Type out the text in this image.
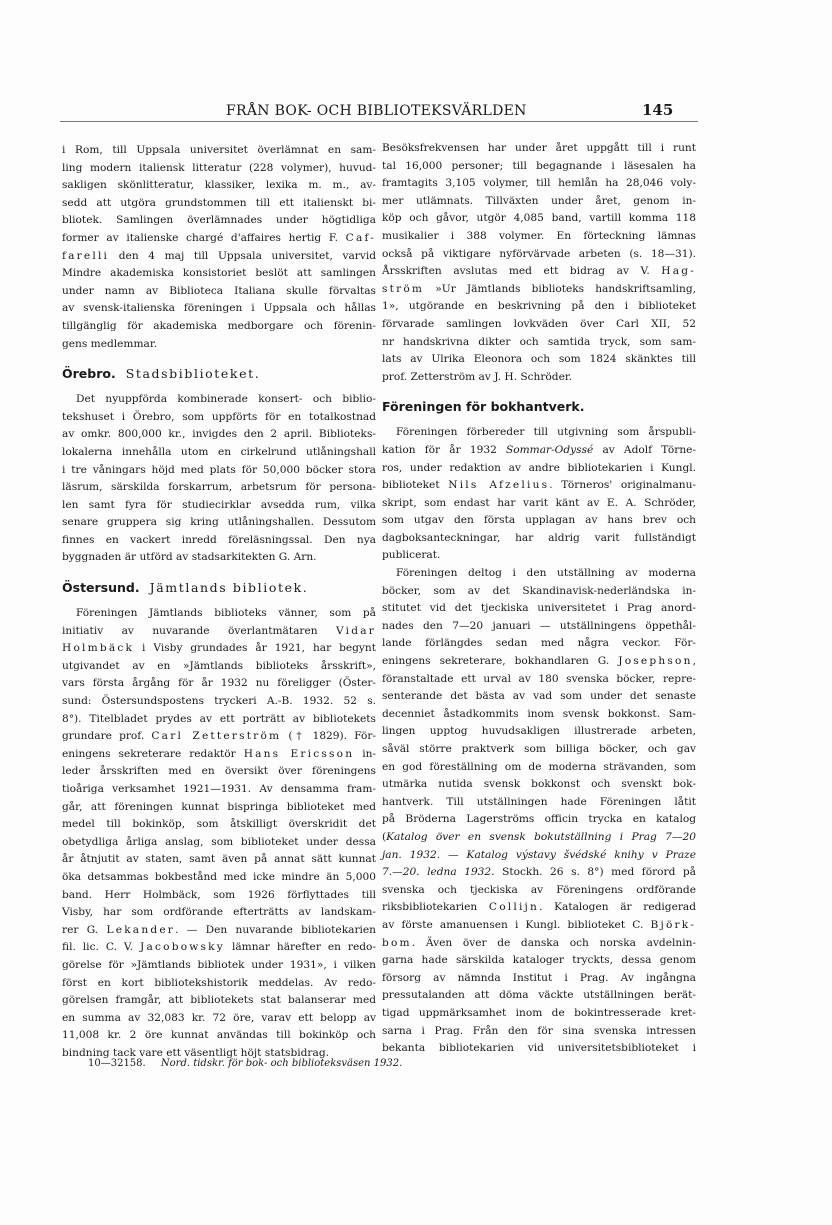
FRÅN BOK- OCH BIBLIOTEKSVÄRLDEN	145
i Rom, till Uppsala universitet överlämnat en sam-
ling modern italiensk litteratur (228 volymer), huvud-
sakligen skönlitteratur, klassiker, lexika m. m., av-
sedd att utgöra grundstommen till ett italienskt bi-
bliotek. Samlingen överlämnades under högtidliga
former av italienske chargé d'affaires hertig F. Caf-
farelli den 4 maj till Uppsala universitet, varvid
Mindre akademiska konsistoriet beslöt att samlingen
under namn av Biblioteca Italiana skulle förvaltas
av svensk-italienska föreningen i Uppsala och hållas
tillgänglig för akademiska medborgare och förenin-
gens medlemmar.
Örebro. Stadsbiblioteket.
Det nyuppförda kombinerade konsert- och biblio-
tekshuset i Örebro, som uppförts för en totalkostnad
av omkr. 800,000 kr., invigdes den 2 april. Biblioteks-
lokalerna innehålla utom en cirkelrund utlåningshall
i tre våningars höjd med plats för 50,000 böcker stora
läsrum, särskilda forskarrum, arbetsrum för persona-
len samt fyra för studiecirklar avsedda rum, vilka
senare gruppera sig kring utlåningshallen. Dessutom
finnes en vackert inredd föreläsningssal. Den nya
byggnaden är utförd av stadsarkitekten G. Arn.
Östersund. Jämtlands bibliotek.
Föreningen Jämtlands biblioteks vänner, som på
initiativ av nuvarande överlantmätaren Vidar
Holmbäck i Visby grundades år 1921, har begynt
utgivandet av en »Jämtlands biblioteks årsskrift»,
vars första årgång för år 1932 nu föreligger (Öster-
sund: Östersundspostens tryckeri A.-B. 1932. 52 s.
8°). Titelbladet prydes av ett porträtt av bibliotekets
grundare prof. Carl Zetterström († 1829). För-
eningens sekreterare redaktör Hans Ericsson in-
leder årsskriften med en översikt över föreningens
tioåriga verksamhet 1921—1931. Av densamma fram-
går, att föreningen kunnat bispringa biblioteket med
medel till bokinköp, som åtskilligt överskridit det
obetydliga årliga anslag, som biblioteket under dessa
år åtnjutit av staten, samt även på annat sätt kunnat
öka detsammas bokbestånd med icke mindre än 5,000
band. Herr Holmbäck, som 1926 förflyttades till
Visby, har som ordförande efterträtts av landskam-
rer G. Lekander. — Den nuvarande bibliotekarien
fil. lic. C. V. Jacobowsky lämnar härefter en redo-
görelse för »Jämtlands bibliotek under 1931», i vilken
först en kort bibliotekshistorik meddelas. Av redo-
görelsen framgår, att bibliotekets stat balanserar med
en summa av 32,083 kr. 72 öre, varav ett belopp av
11,008 kr. 2 öre kunnat användas till bokinköp och
bindning tack vare ett väsentligt höjt statsbidrag.
Besöksfrekvensen har under året uppgått till i runt
tal 16,000 personer; till begagnande i läsesalen ha
framtagits 3,105 volymer, till hemlån ha 28,046 voly-
mer utlämnats. Tillväxten under året, genom in-
köp och gåvor, utgör 4,085 band, vartill komma 118
musikalier i 388 volymer. En förteckning lämnas
också på viktigare nyförvärvade arbeten (s. 18—31).
Årsskriften avslutas med ett bidrag av V. Hag-
ström »Ur Jämtlands biblioteks handskriftsamling,
1», utgörande en beskrivning på den i biblioteket
förvarade samlingen lovkväden över Carl XII, 52
nr handskrivna dikter och samtida tryck, som sam-
lats av Ulrika Eleonora och som 1824 skänktes till
prof. Zetterström av J. H. Schröder.
Föreningen för bokhantverk.
Föreningen förbereder till utgivning som årspubli-
kation för år 1932 Sommar-Odyssé av Adolf Törne-
ros, under redaktion av andre bibliotekarien i Kungl.
biblioteket Nils Afzelius. Törneros' originalmanu-
skript, som endast har varit känt av E. A. Schröder,
som utgav den första upplagan av hans brev och
dagboksanteckningar, har aldrig varit fullständigt
publicerat.
Föreningen deltog i den utställning av moderna
böcker, som av det Skandinavisk-nederländska in-
stitutet vid det tjeckiska universitetet i Prag anord-
nades den 7—20 januari — utställningens öppethål-
lande förlängdes sedan med några veckor. För-
eningens sekreterare, bokhandlaren G. Josephson,
föranstaltade ett urval av 180 svenska böcker, repre-
senterande det bästa av vad som under det senaste
decenniet åstadkommits inom svensk bokkonst. Sam-
lingen upptog huvudsakligen illustrerade arbeten,
såväl större praktverk som billiga böcker, och gav
en god föreställning om de moderna strävanden, som
utmärka nutida svensk bokkonst och svenskt bok-
hantverk. Till utställningen hade Föreningen låtit
på Bröderna Lagerströms officin trycka en katalog
(Katalog över en svensk bokutställning i Prag 7—20
jan. 1932. — Katalog výstavy švédské knihy v Praze
7.—20. ledna 1932. Stockh. 26 s. 8°) med förord på
svenska och tjeckiska av Föreningens ordförande
riksbibliotekarien Collijn. Katalogen är redigerad
av förste amanuensen i Kungl. biblioteket C. Björk-
bom. Även över de danska och norska avdelnin-
garna hade särskilda kataloger tryckts, dessa genom
försorg av nämnda Institut i Prag. Av ingångna
pressutalanden att döma väckte utställningen berät-
tigad uppmärksamhet inom de bokintresserade kret-
sarna i Prag. Från den för sina svenska intressen
bekanta bibliotekarien vid universitetsbiblioteket i
10—32158. Nord. tidskr. för bok- och biblioteksväsen 1932.
